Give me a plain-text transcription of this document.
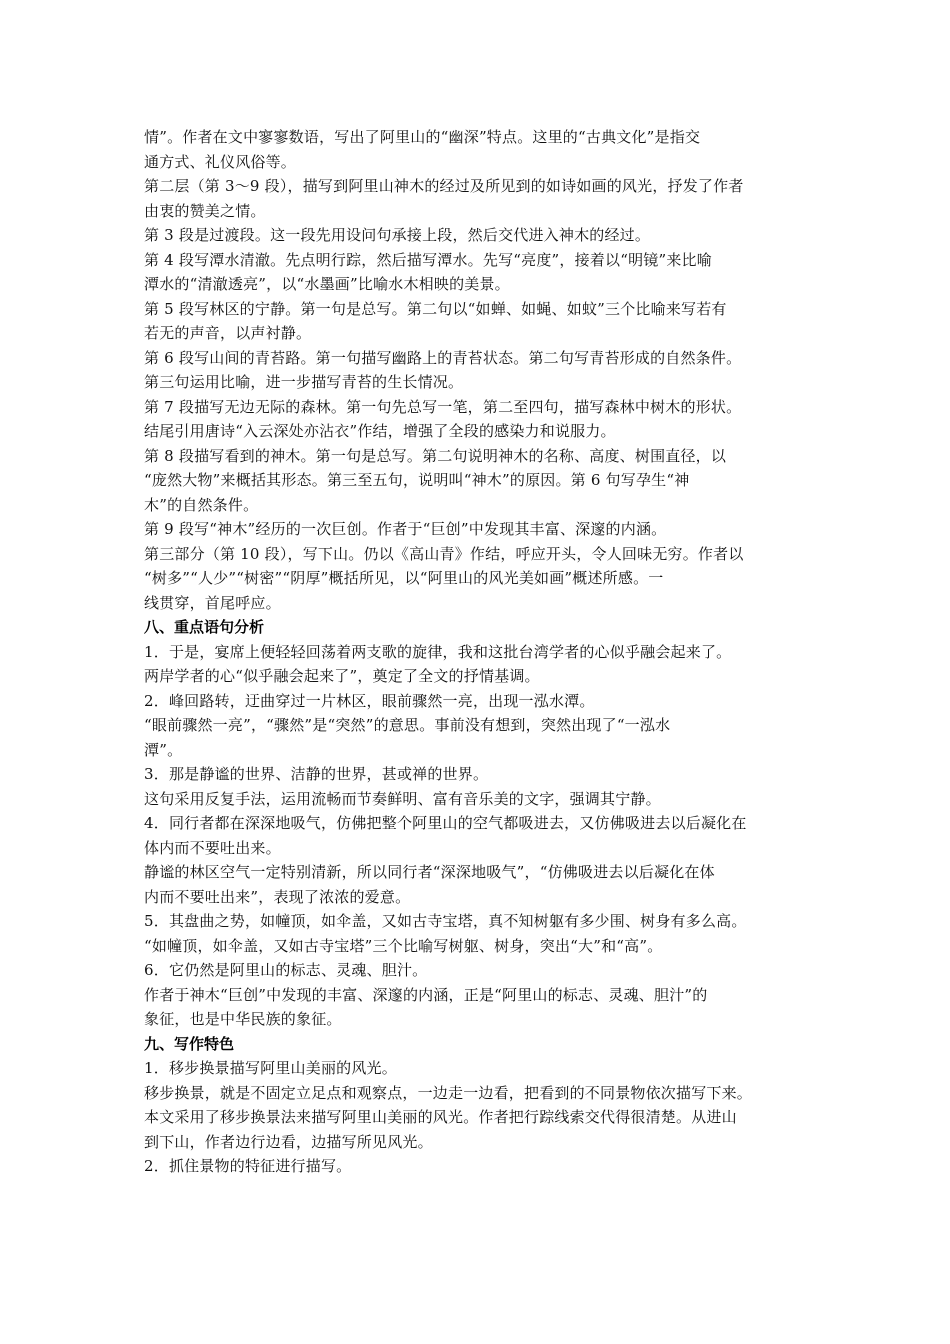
情”。作者在文中寥寥数语，写出了阿里山的“幽深”特点。这里的“古典文化”是指交
通方式、礼仪风俗等。
第二层（第 3～9 段），描写到阿里山神木的经过及所见到的如诗如画的风光，抒发了作者
由衷的赞美之情。
第 3 段是过渡段。这一段先用设问句承接上段，然后交代进入神木的经过。
第 4 段写潭水清澈。先点明行踪，然后描写潭水。先写“亮度”，接着以“明镜”来比喻
潭水的“清澈透亮”，以“水墨画”比喻水木相映的美景。
第 5 段写林区的宁静。第一句是总写。第二句以“如蝉、如蝇、如蚊”三个比喻来写若有
若无的声音，以声衬静。
第 6 段写山间的青苔路。第一句描写幽路上的青苔状态。第二句写青苔形成的自然条件。
第三句运用比喻，进一步描写青苔的生长情况。
第 7 段描写无边无际的森林。第一句先总写一笔，第二至四句，描写森林中树木的形状。
结尾引用唐诗“入云深处亦沾衣”作结，增强了全段的感染力和说服力。
第 8 段描写看到的神木。第一句是总写。第二句说明神木的名称、高度、树围直径，以
“庞然大物”来概括其形态。第三至五句，说明叫“神木”的原因。第 6 句写孕生“神
木”的自然条件。
第 9 段写“神木”经历的一次巨创。作者于“巨创”中发现其丰富、深邃的内涵。
第三部分（第 10 段），写下山。仍以《高山青》作结，呼应开头，令人回味无穷。作者以
“树多”“人少”“树密”“阴厚”概括所见，以“阿里山的风光美如画”概述所感。一
线贯穿，首尾呼应。
八、重点语句分析
1．于是，宴席上便轻轻回荡着两支歌的旋律，我和这批台湾学者的心似乎融会起来了。
两岸学者的心“似乎融会起来了”，奠定了全文的抒情基调。
2．峰回路转，迂曲穿过一片林区，眼前骤然一亮，出现一泓水潭。
“眼前骤然一亮”，“骤然”是“突然”的意思。事前没有想到，突然出现了“一泓水
潭”。
3．那是静谧的世界、洁静的世界，甚或禅的世界。
这句采用反复手法，运用流畅而节奏鲜明、富有音乐美的文字，强调其宁静。
4．同行者都在深深地吸气，仿佛把整个阿里山的空气都吸进去，又仿佛吸进去以后凝化在
体内而不要吐出来。
静谧的林区空气一定特别清新，所以同行者“深深地吸气”，“仿佛吸进去以后凝化在体
内而不要吐出来”，表现了浓浓的爱意。
5．其盘曲之势，如幢顶，如伞盖，又如古寺宝塔，真不知树躯有多少围、树身有多么高。
“如幢顶，如伞盖，又如古寺宝塔”三个比喻写树躯、树身，突出“大”和“高”。
6．它仍然是阿里山的标志、灵魂、胆汁。
作者于神木“巨创”中发现的丰富、深邃的内涵，正是“阿里山的标志、灵魂、胆汁”的
象征，也是中华民族的象征。
九、写作特色
1．移步换景描写阿里山美丽的风光。
移步换景，就是不固定立足点和观察点，一边走一边看，把看到的不同景物依次描写下来。
本文采用了移步换景法来描写阿里山美丽的风光。作者把行踪线索交代得很清楚。从进山
到下山，作者边行边看，边描写所见风光。
2．抓住景物的特征进行描写。
